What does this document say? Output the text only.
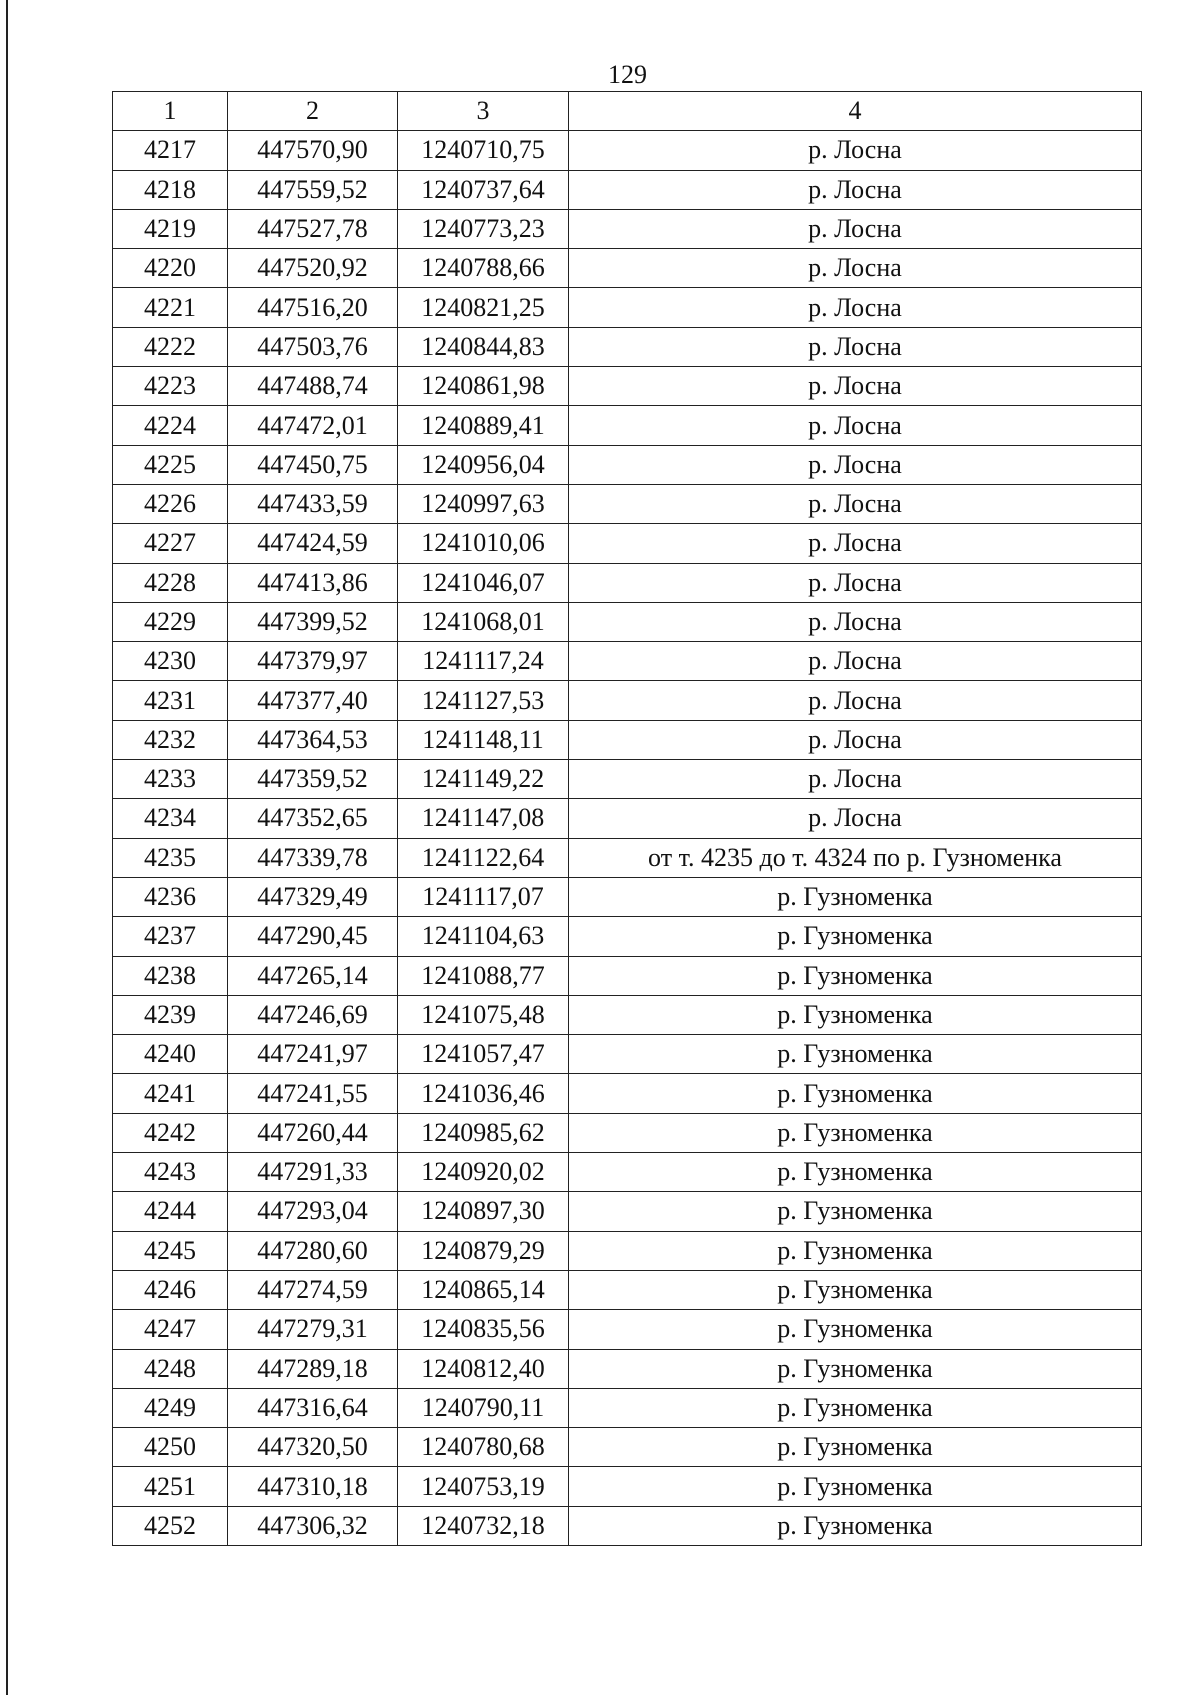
129
1	2	3	4
4217	447570,90	1240710,75	р. Лосна
4218	447559,52	1240737,64	р. Лосна
4219	447527,78	1240773,23	р. Лосна
4220	447520,92	1240788,66	р. Лосна
4221	447516,20	1240821,25	р. Лосна
4222	447503,76	1240844,83	р. Лосна
4223	447488,74	1240861,98	р. Лосна
4224	447472,01	1240889,41	р. Лосна
4225	447450,75	1240956,04	р. Лосна
4226	447433,59	1240997,63	р. Лосна
4227	447424,59	1241010,06	р. Лосна
4228	447413,86	1241046,07	р. Лосна
4229	447399,52	1241068,01	р. Лосна
4230	447379,97	1241117,24	р. Лосна
4231	447377,40	1241127,53	р. Лосна
4232	447364,53	1241148,11	р. Лосна
4233	447359,52	1241149,22	р. Лосна
4234	447352,65	1241147,08	р. Лосна
4235	447339,78	1241122,64	от т. 4235 до т. 4324 по р. Гузноменка
4236	447329,49	1241117,07	р. Гузноменка
4237	447290,45	1241104,63	р. Гузноменка
4238	447265,14	1241088,77	р. Гузноменка
4239	447246,69	1241075,48	р. Гузноменка
4240	447241,97	1241057,47	р. Гузноменка
4241	447241,55	1241036,46	р. Гузноменка
4242	447260,44	1240985,62	р. Гузноменка
4243	447291,33	1240920,02	р. Гузноменка
4244	447293,04	1240897,30	р. Гузноменка
4245	447280,60	1240879,29	р. Гузноменка
4246	447274,59	1240865,14	р. Гузноменка
4247	447279,31	1240835,56	р. Гузноменка
4248	447289,18	1240812,40	р. Гузноменка
4249	447316,64	1240790,11	р. Гузноменка
4250	447320,50	1240780,68	р. Гузноменка
4251	447310,18	1240753,19	р. Гузноменка
4252	447306,32	1240732,18	р. Гузноменка
